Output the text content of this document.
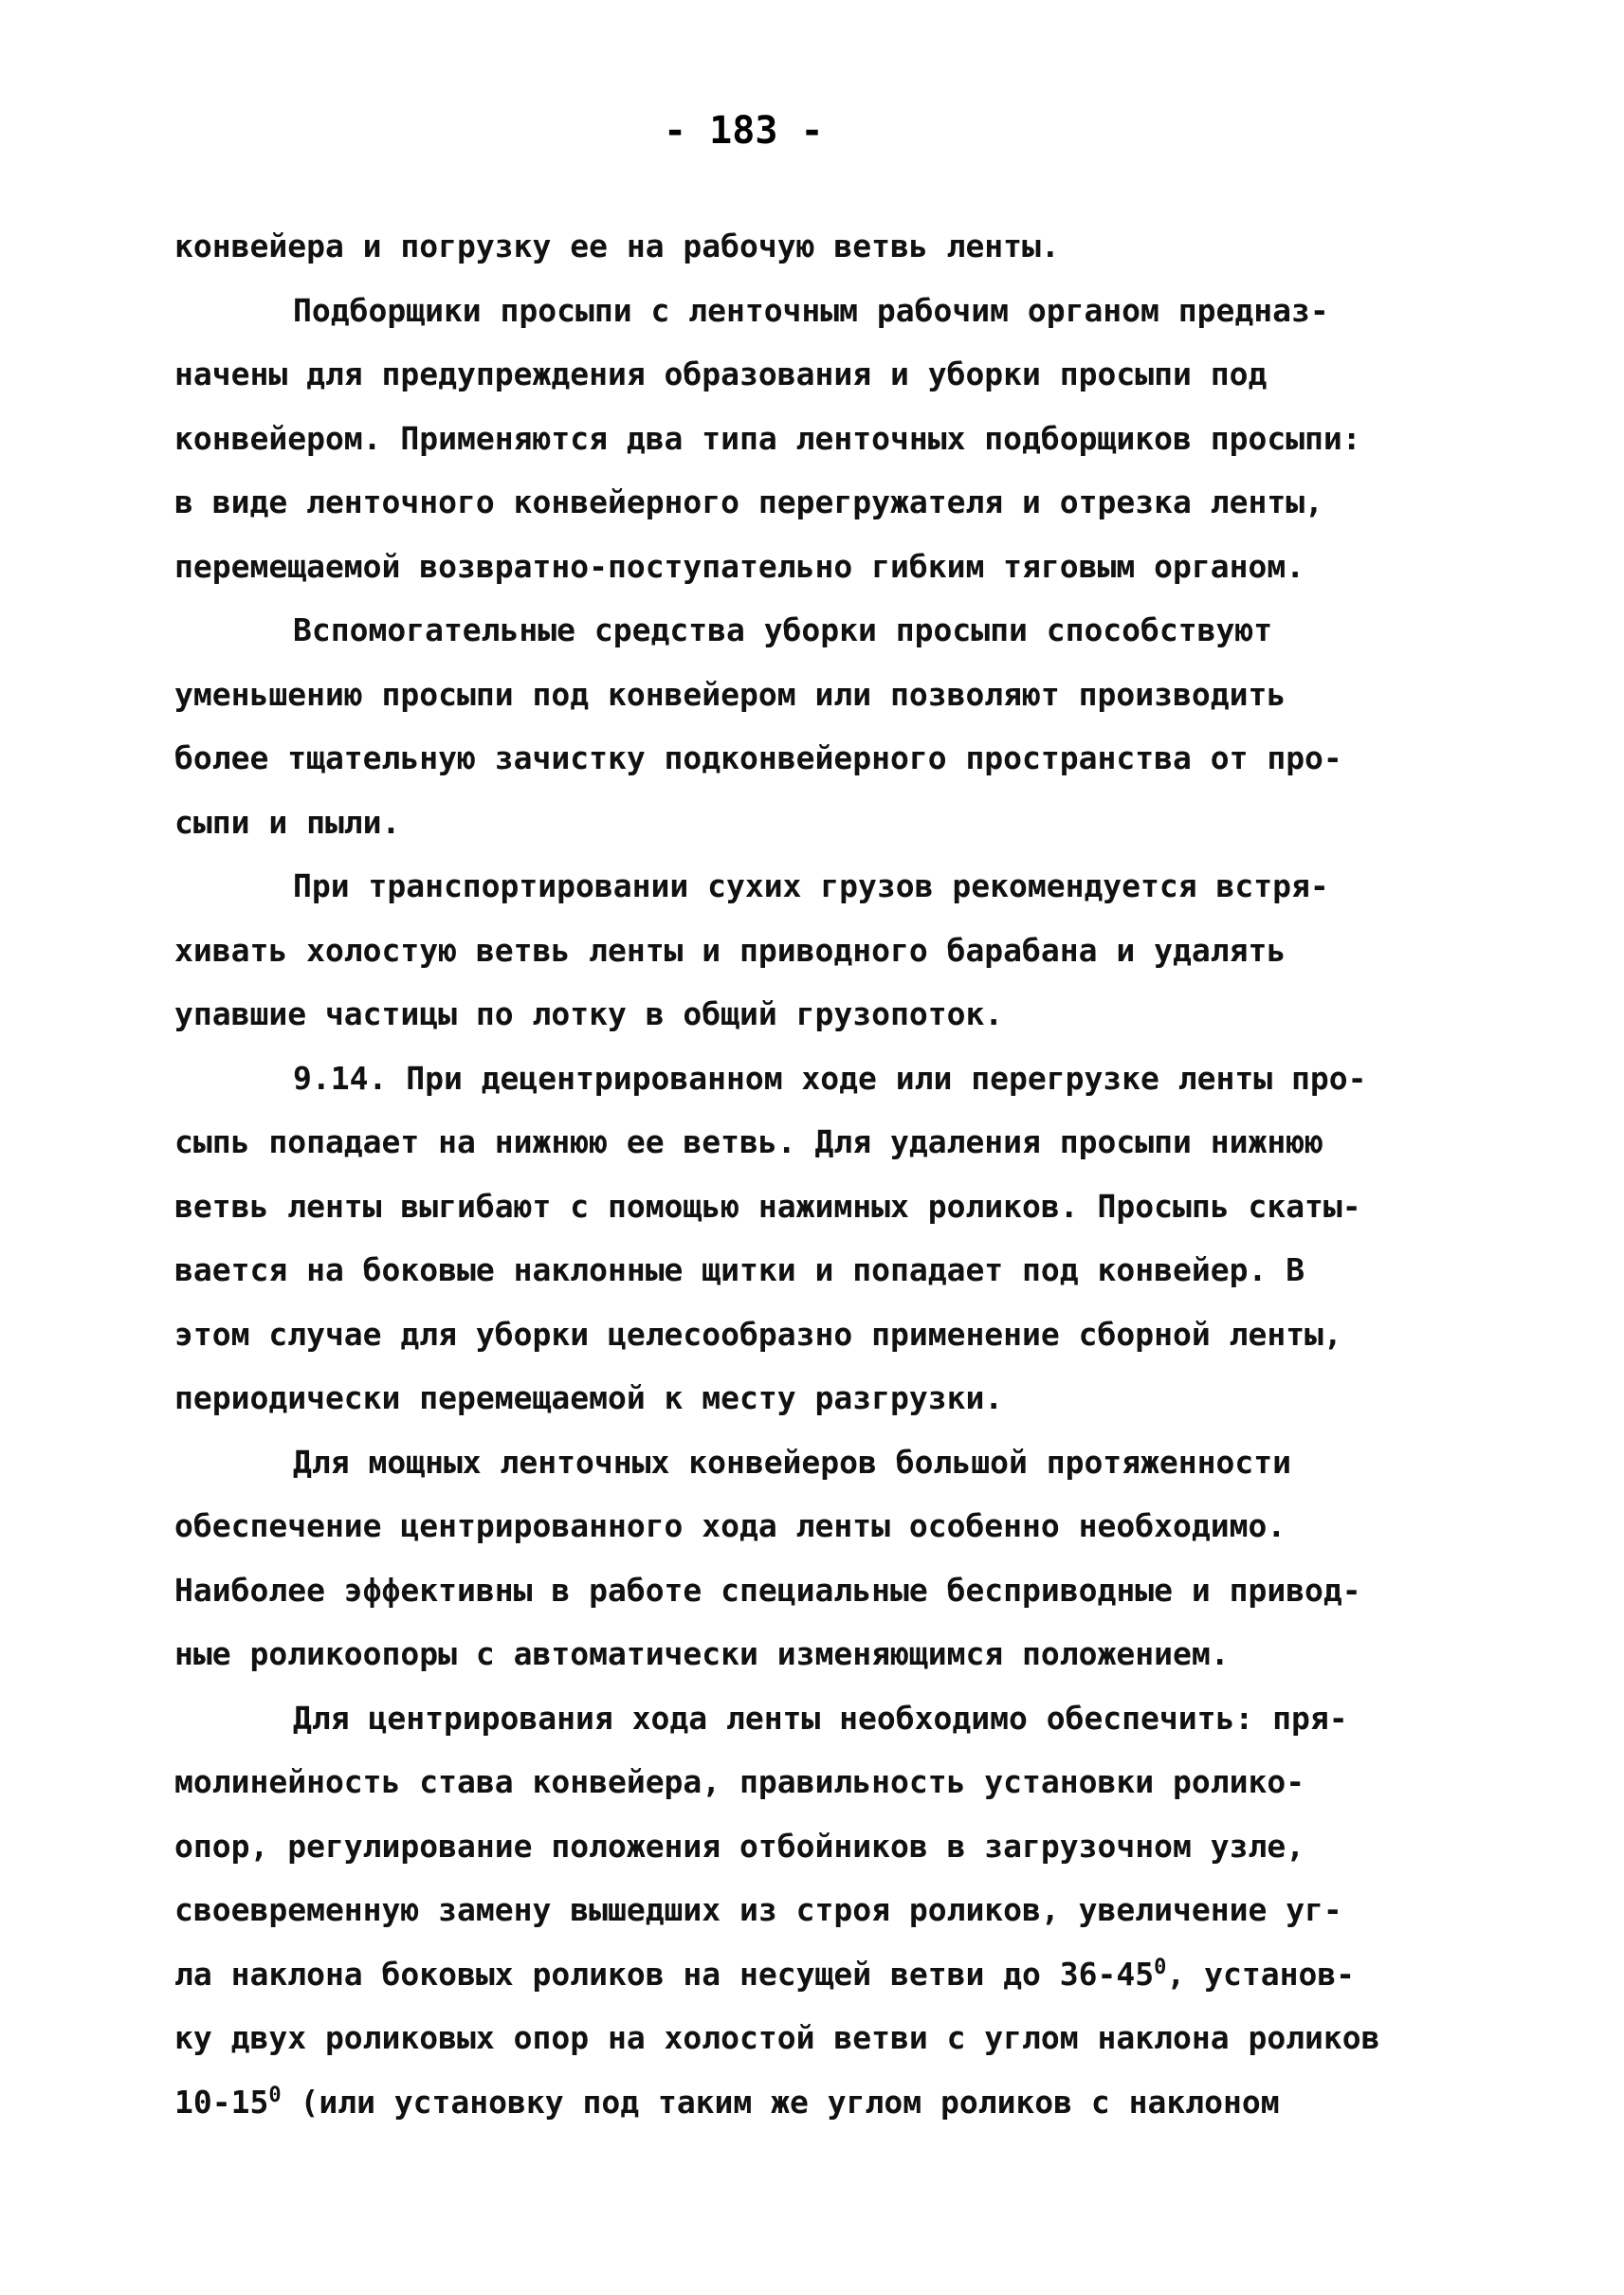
- 183 -
конвейера и погрузку ее на рабочую ветвь ленты.
Подборщики просыпи с ленточным рабочим органом предназ-
начены для предупреждения образования и уборки просыпи под
конвейером. Применяются два типа ленточных подборщиков просыпи:
в виде ленточного конвейерного перегружателя и отрезка ленты,
перемещаемой возвратно-поступательно гибким тяговым органом.
Вспомогательные средства уборки просыпи способствуют
уменьшению просыпи под конвейером или позволяют производить
более тщательную зачистку подконвейерного пространства от про-
сыпи и пыли.
При транспортировании сухих грузов рекомендуется встря-
хивать холостую ветвь ленты и приводного барабана и удалять
упавшие частицы по лотку в общий грузопоток.
9.14. При децентрированном ходе или перегрузке ленты про-
сыпь попадает на нижнюю ее ветвь. Для удаления просыпи нижнюю
ветвь ленты выгибают с помощью нажимных роликов. Просыпь скаты-
вается на боковые наклонные щитки и попадает под конвейер. В
этом случае для уборки целесообразно применение сборной ленты,
периодически перемещаемой к месту разгрузки.
Для мощных ленточных конвейеров большой протяженности
обеспечение центрированного хода ленты особенно необходимо.
Наиболее эффективны в работе специальные бесприводные и привод-
ные роликоопоры с автоматически изменяющимся положением.
Для центрирования хода ленты необходимо обеспечить: пря-
молинейность става конвейера, правильность установки ролико-
опор, регулирование положения отбойников в загрузочном узле,
своевременную замену вышедших из строя роликов, увеличение уг-
ла наклона боковых роликов на несущей ветви до $36-45^0$, установ-
ку двух роликовых опор на холостой ветви с углом наклона роликов
$10-15^0$ (или установку под таким же углом роликов с наклоном
